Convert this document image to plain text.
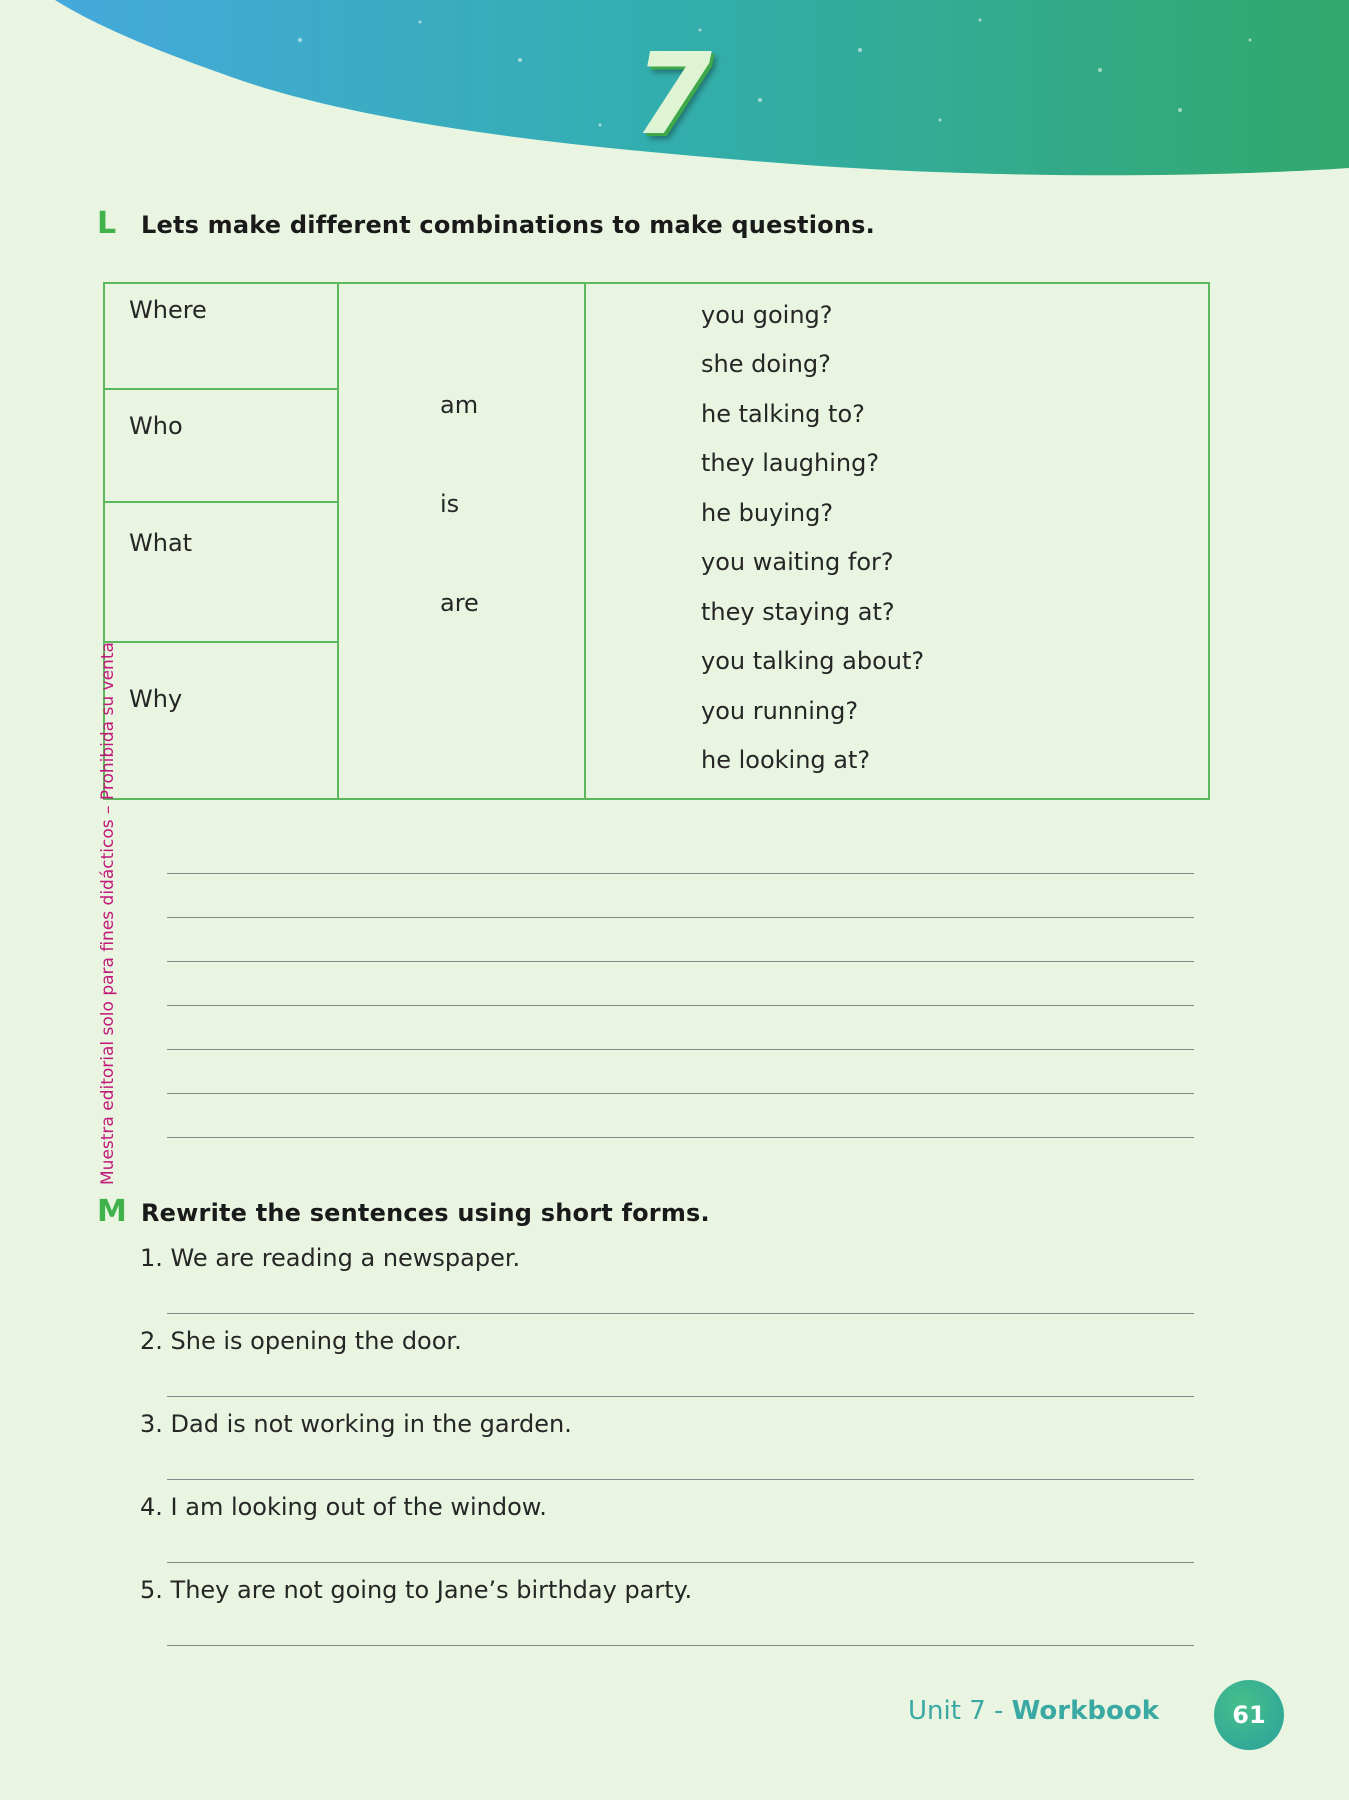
7
L Lets make different combinations to make questions.
Where
Who
What
Why
am
is
are
you going?
she doing?
he talking to?
they laughing?
he buying?
you waiting for?
they staying at?
you talking about?
you running?
he looking at?
M Rewrite the sentences using short forms.
1. We are reading a newspaper.
2. She is opening the door.
3. Dad is not working in the garden.
4. I am looking out of the window.
5. They are not going to Jane’s birthday party.
Muestra editorial solo para fines didácticos – Prohibida su venta
Unit 7 - Workbook	61
